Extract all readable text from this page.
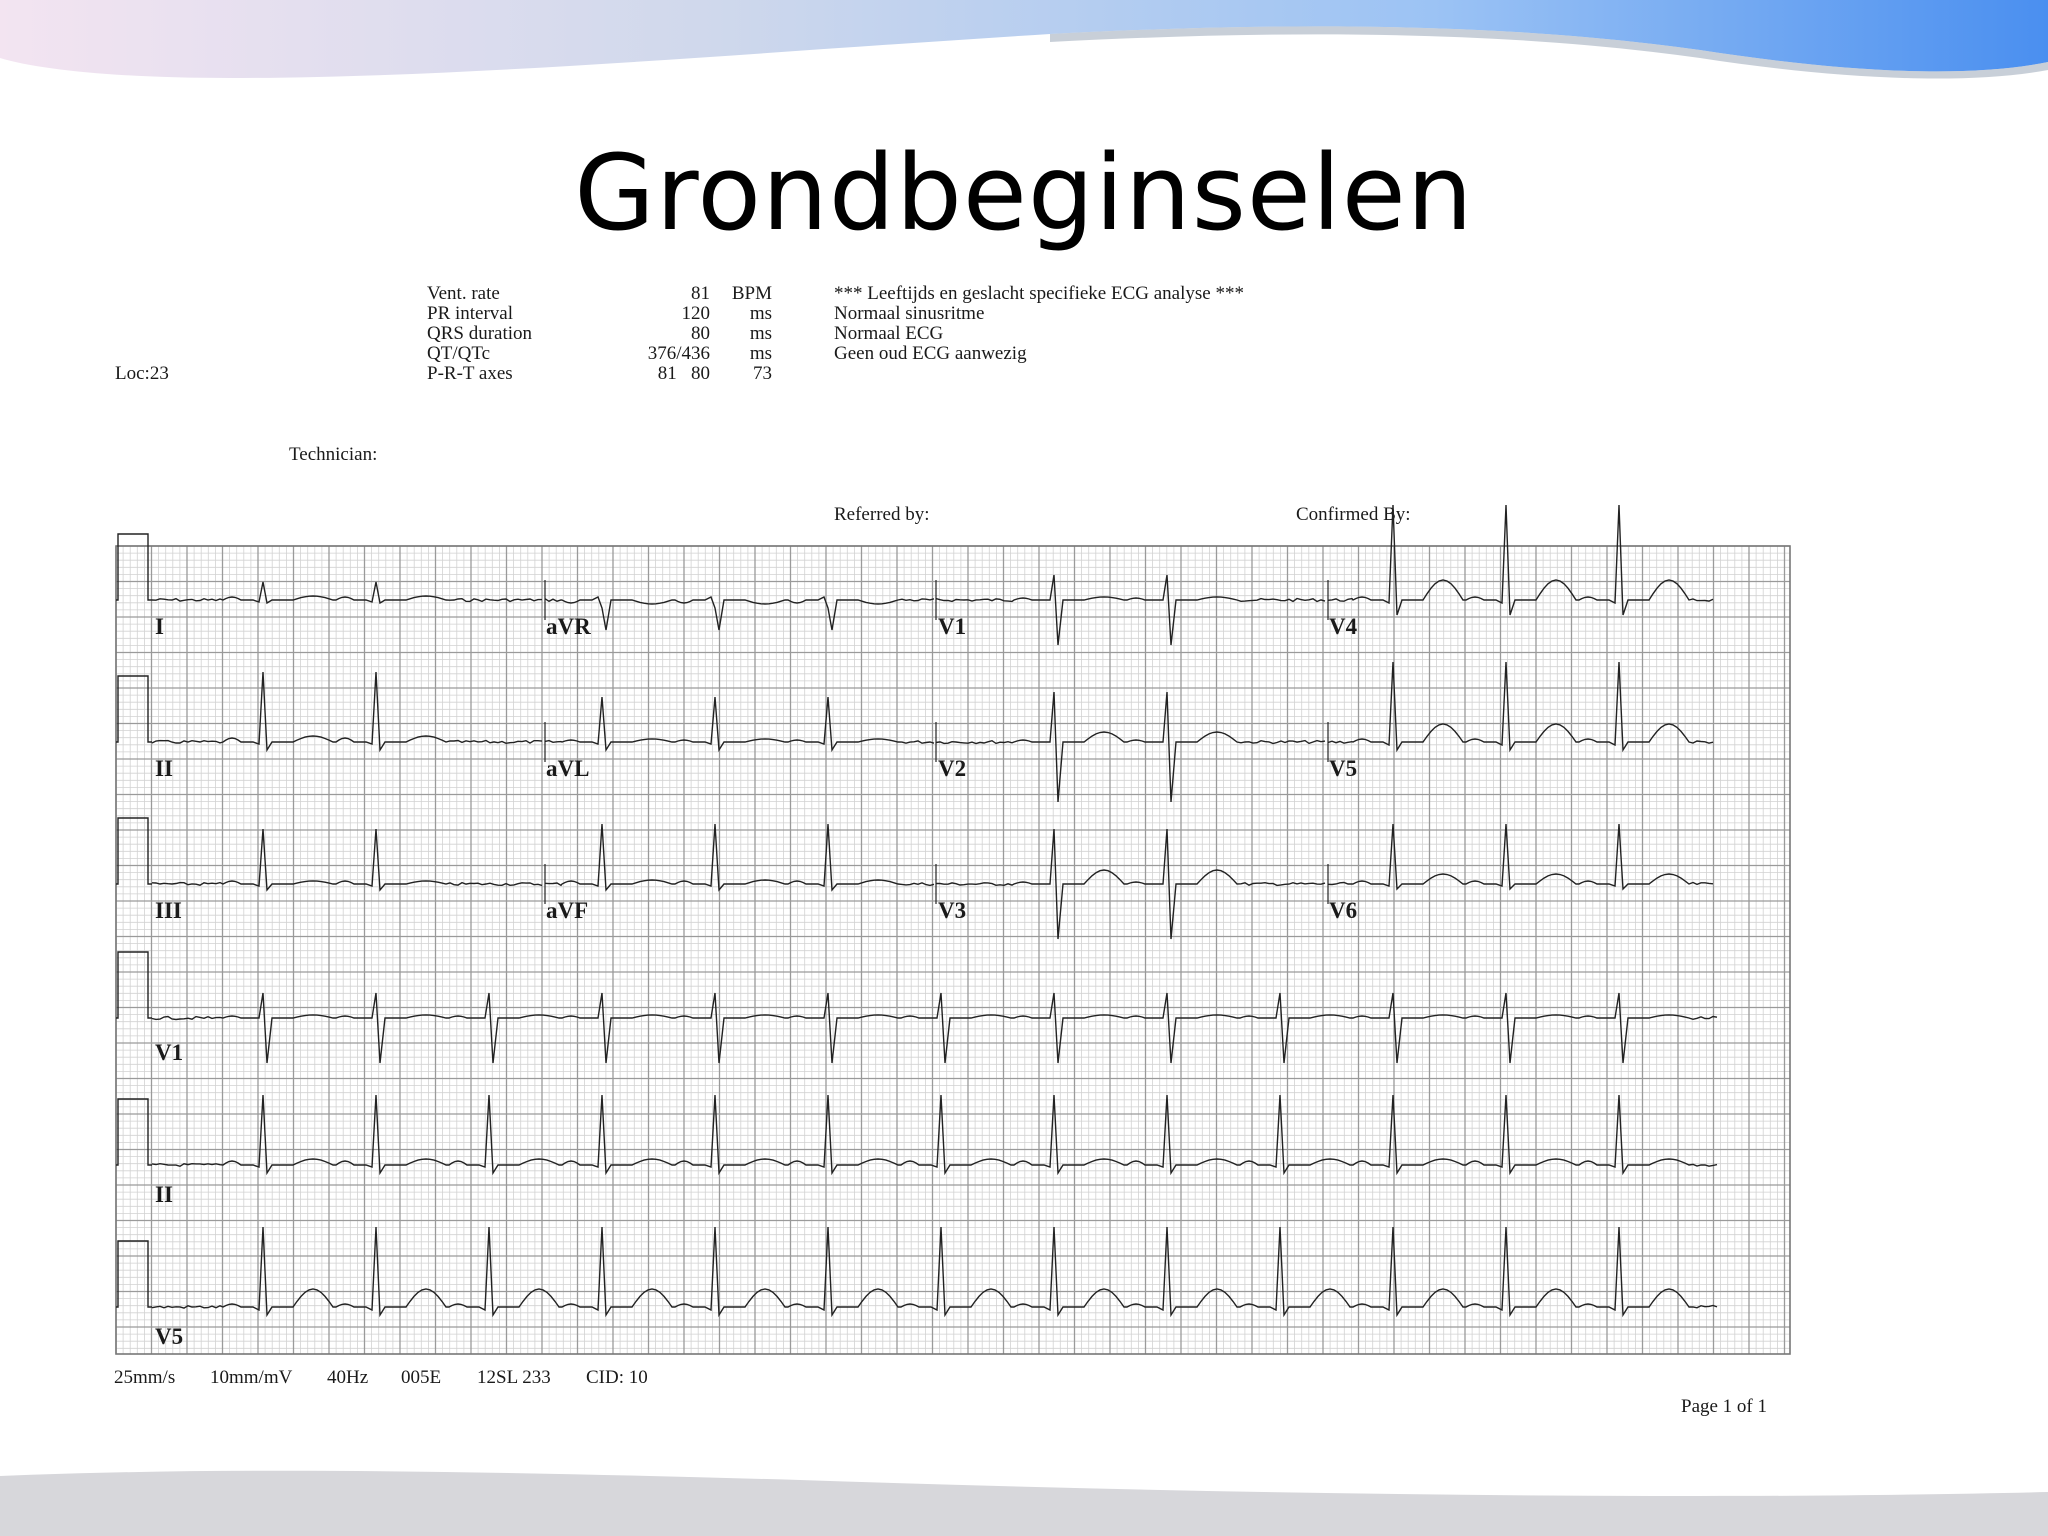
Grondbeginselen
Loc:23
Technician:
Referred by:	Confirmed By:
Vent. rate	81	BPM
PR interval	120	ms
QRS duration	80	ms
QT/QTc	376/436	ms
P-R-T axes	81   80	73
*** Leeftijds en geslacht specifieke ECG analyse ***
Normaal sinusritme
Normaal ECG
Geen oud ECG aanwezig
I	aVR	V1	V4
II	aVL	V2	V5
III	aVF	V3	V6
V1
II
V5
25mm/s 10mm/mV 40Hz 005E 12SL 233 CID: 10
Page 1 of 1
